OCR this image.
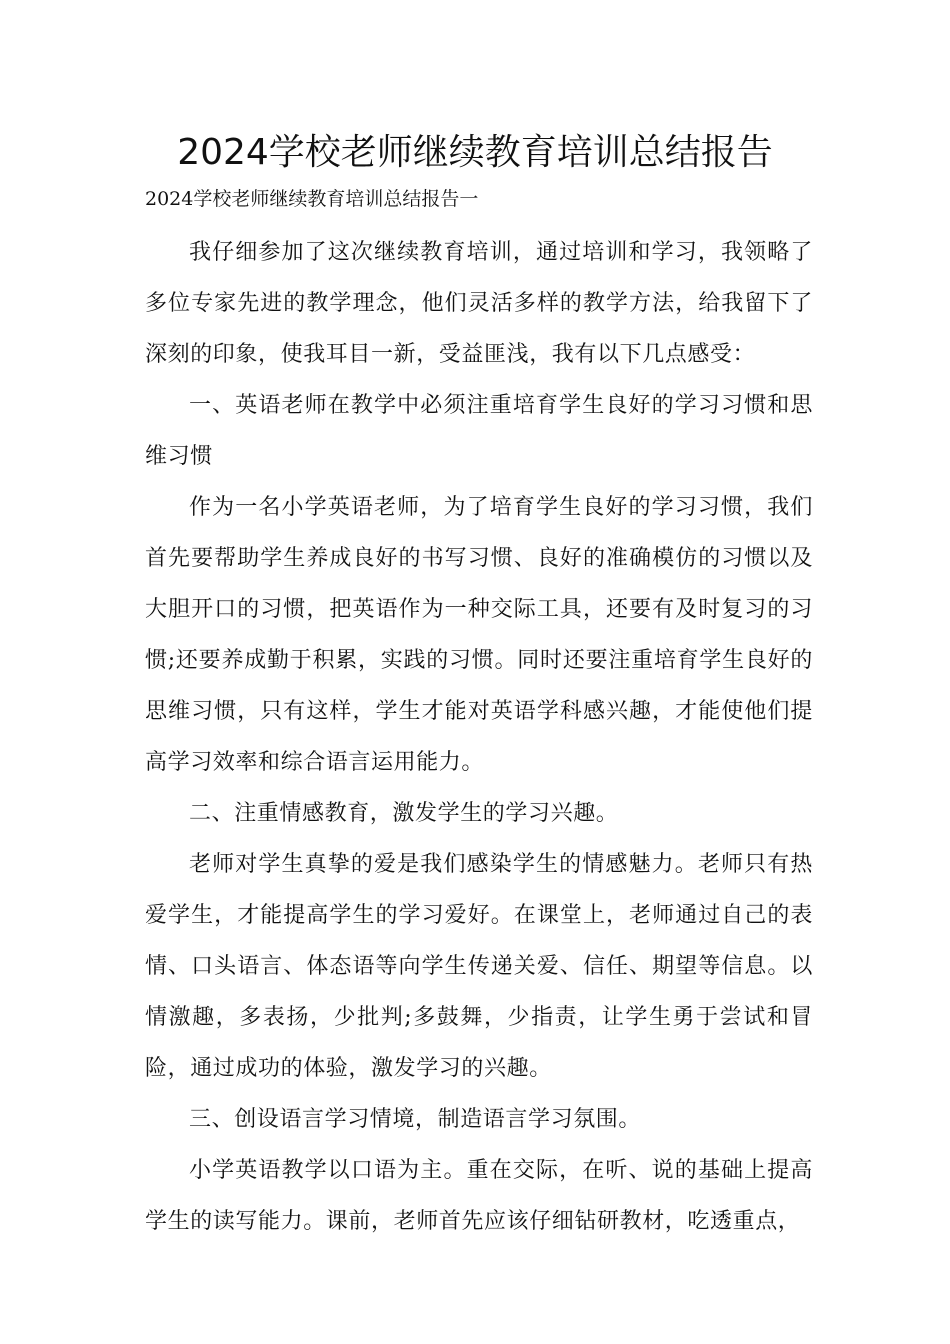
2024学校老师继续教育培训总结报告

2024学校老师继续教育培训总结报告一

我仔细参加了这次继续教育培训，通过培训和学习，我领略了多位专家先进的教学理念，他们灵活多样的教学方法，给我留下了深刻的印象，使我耳目一新，受益匪浅，我有以下几点感受：

一、英语老师在教学中必须注重培育学生良好的学习习惯和思维习惯

作为一名小学英语老师，为了培育学生良好的学习习惯，我们首先要帮助学生养成良好的书写习惯、良好的准确模仿的习惯以及大胆开口的习惯，把英语作为一种交际工具，还要有及时复习的习惯;还要养成勤于积累，实践的习惯。同时还要注重培育学生良好的思维习惯，只有这样，学生才能对英语学科感兴趣，才能使他们提高学习效率和综合语言运用能力。

二、注重情感教育，激发学生的学习兴趣。

老师对学生真挚的爱是我们感染学生的情感魅力。老师只有热爱学生，才能提高学生的学习爱好。在课堂上，老师通过自己的表情、口头语言、体态语等向学生传递关爱、信任、期望等信息。以情激趣，多表扬，少批判;多鼓舞，少指责，让学生勇于尝试和冒险，通过成功的体验，激发学习的兴趣。

三、创设语言学习情境，制造语言学习氛围。

小学英语教学以口语为主。重在交际，在听、说的基础上提高学生的读写能力。课前，老师首先应该仔细钻研教材，吃透重点，
